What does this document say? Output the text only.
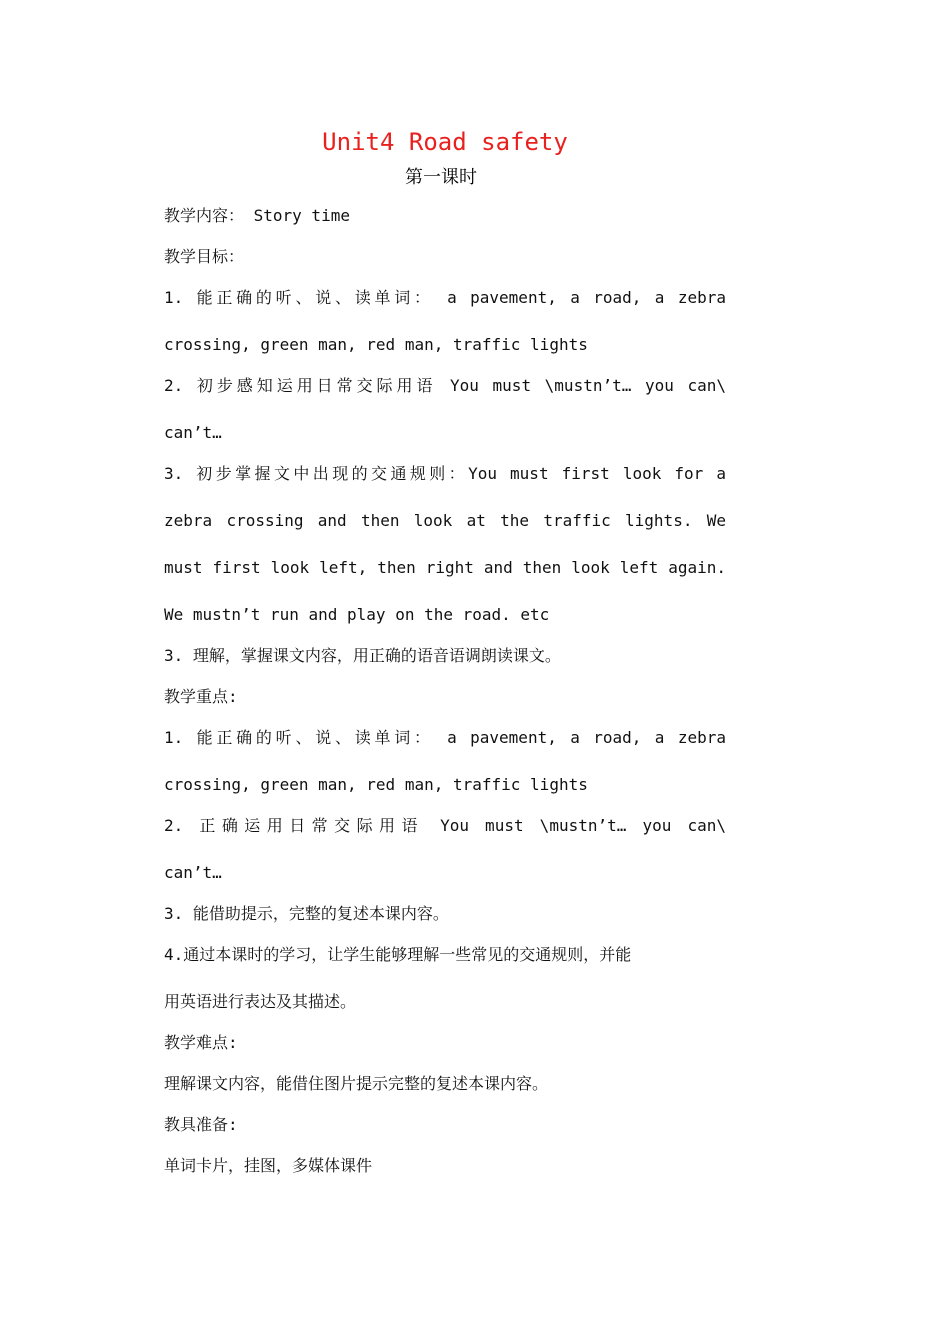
Unit4 Road safety
第一课时
教学内容： Story time
教学目标：
1. 能正确的听、说、读单词： a pavement, a road, a zebra
crossing, green man, red man, traffic lights
2. 初步感知运用日常交际用语 You must \mustn’t… you can\
can’t…
3. 初步掌握文中出现的交通规则：You must first look for a
zebra crossing and then look at the traffic lights. We
must first look left, then right and then look left again.
We mustn’t run and play on the road. etc
3. 理解，掌握课文内容，用正确的语音语调朗读课文。
教学重点:
1. 能正确的听、说、读单词： a pavement, a road, a zebra
crossing, green man, red man, traffic lights
2. 正确运用日常交际用语 You must \mustn’t… you can\
can’t…
3. 能借助提示，完整的复述本课内容。
4.通过本课时的学习，让学生能够理解一些常见的交通规则，并能
用英语进行表达及其描述。
教学难点:
理解课文内容，能借住图片提示完整的复述本课内容。
教具准备:
单词卡片，挂图，多媒体课件
